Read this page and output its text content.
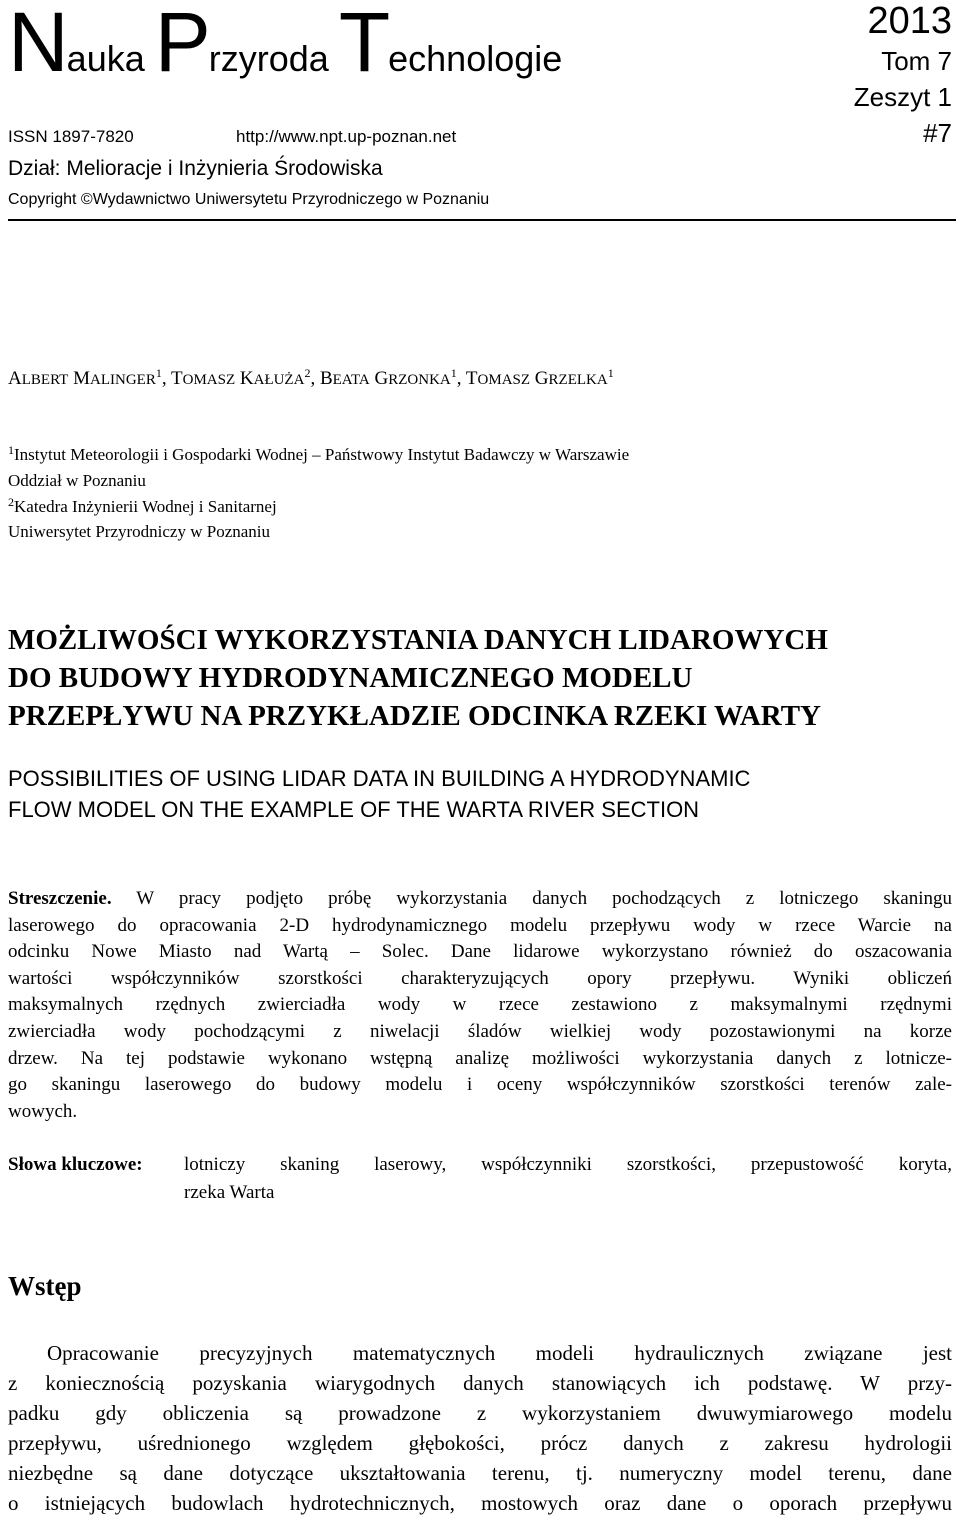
Nauka Przyroda Technologie
2013
Tom 7
Zeszyt 1
#7
ISSN 1897-7820	http://www.npt.up-poznan.net
Dział: Melioracje i Inżynieria Środowiska
Copyright ©Wydawnictwo Uniwersytetu Przyrodniczego w Poznaniu
ALBERT MALINGER$^1$, TOMASZ KAŁUŻA$^2$, BEATA GRZONKA$^1$, TOMASZ GRZELKA$^1$
$^1$Instytut Meteorologii i Gospodarki Wodnej – Państwowy Instytut Badawczy w Warszawie
Oddział w Poznaniu
$^2$Katedra Inżynierii Wodnej i Sanitarnej
Uniwersytet Przyrodniczy w Poznaniu
MOŻLIWOŚCI WYKORZYSTANIA DANYCH LIDAROWYCH
DO BUDOWY HYDRODYNAMICZNEGO MODELU
PRZEPŁYWU NA PRZYKŁADZIE ODCINKA RZEKI WARTY
POSSIBILITIES OF USING LIDAR DATA IN BUILDING A HYDRODYNAMIC
FLOW MODEL ON THE EXAMPLE OF THE WARTA RIVER SECTION
Streszczenie. W pracy podjęto próbę wykorzystania danych pochodzących z lotniczego skaningu
laserowego do opracowania 2-D hydrodynamicznego modelu przepływu wody w rzece Warcie na
odcinku Nowe Miasto nad Wartą – Solec. Dane lidarowe wykorzystano również do oszacowania
wartości współczynników szorstkości charakteryzujących opory przepływu. Wyniki obliczeń
maksymalnych rzędnych zwierciadła wody w rzece zestawiono z maksymalnymi rzędnymi
zwierciadła wody pochodzącymi z niwelacji śladów wielkiej wody pozostawionymi na korze
drzew. Na tej podstawie wykonano wstępną analizę możliwości wykorzystania danych z lotnicze-
go skaningu laserowego do budowy modelu i oceny współczynników szorstkości terenów zale-
wowych.
Słowa kluczowe: lotniczy skaning laserowy, współczynniki szorstkości, przepustowość koryta,
rzeka Warta
Wstęp
Opracowanie precyzyjnych matematycznych modeli hydraulicznych związane jest
z koniecznością pozyskania wiarygodnych danych stanowiących ich podstawę. W przy-
padku gdy obliczenia są prowadzone z wykorzystaniem dwuwymiarowego modelu
przepływu, uśrednionego względem głębokości, prócz danych z zakresu hydrologii
niezbędne są dane dotyczące ukształtowania terenu, tj. numeryczny model terenu, dane
o istniejących budowlach hydrotechnicznych, mostowych oraz dane o oporach przepływu
